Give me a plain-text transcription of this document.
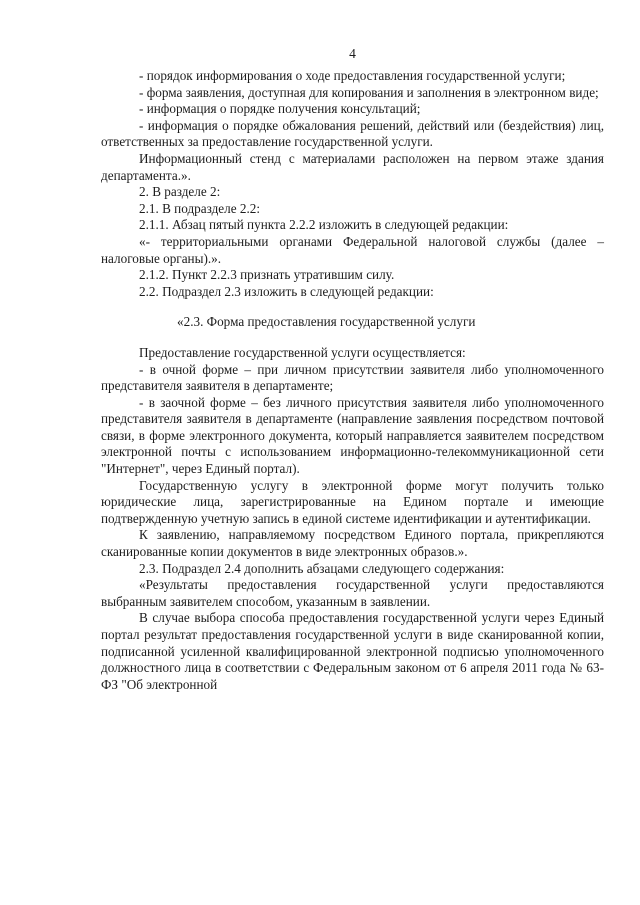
4

- порядок информирования о ходе предоставления государственной услуги;

- форма заявления, доступная для копирования и заполнения в электронном виде;

- информация о порядке получения консультаций;

- информация о порядке обжалования решений, действий или (бездействия) лиц, ответственных за предоставление государственной услуги.

Информационный стенд с материалами расположен на первом этаже здания департамента.».

2. В разделе 2:

2.1. В подразделе 2.2:

2.1.1. Абзац пятый пункта 2.2.2 изложить в следующей редакции:

«- территориальными органами Федеральной налоговой службы (далее – налоговые органы).».

2.1.2. Пункт 2.2.3 признать утратившим силу.

2.2. Подраздел 2.3 изложить в следующей редакции:

«2.3. Форма предоставления государственной услуги

Предоставление государственной услуги осуществляется:

- в очной форме – при личном присутствии заявителя либо уполномоченного представителя заявителя в департаменте;

- в заочной форме – без личного присутствия заявителя либо уполномоченного представителя заявителя в департаменте (направление заявления посредством почтовой связи, в форме электронного документа, который направляется заявителем посредством электронной почты с использованием информационно-телекоммуникационной сети "Интернет", через Единый портал).

Государственную услугу в электронной форме могут получить только юридические лица, зарегистрированные на Едином портале и имеющие подтвержденную учетную запись в единой системе идентификации и аутентификации.

К заявлению, направляемому посредством Единого портала, прикрепляются сканированные копии документов в виде электронных образов.».

2.3. Подраздел 2.4 дополнить абзацами следующего содержания:

«Результаты предоставления государственной услуги предоставляются выбранным заявителем способом, указанным в заявлении.

В случае выбора способа предоставления государственной услуги через Единый портал результат предоставления государственной услуги в виде сканированной копии, подписанной усиленной квалифицированной электронной подписью уполномоченного должностного лица в соответствии с Федеральным законом от 6 апреля 2011 года № 63-ФЗ "Об электронной
